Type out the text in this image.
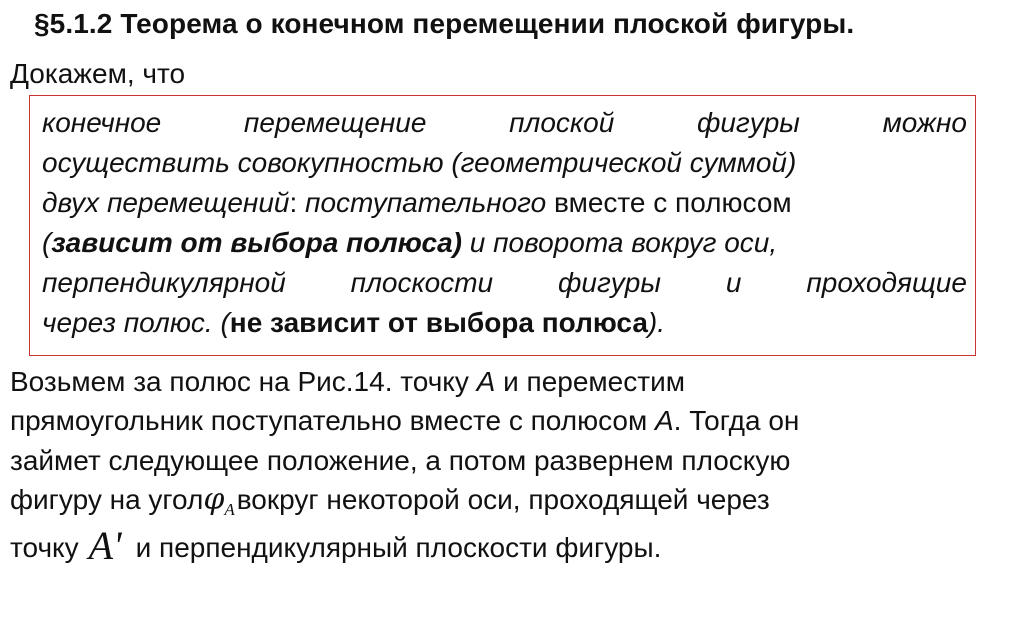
§5.1.2 Теорема о конечном перемещении плоской фигуры.
Докажем, что
конечное	перемещение	плоской	фигуры	можно
осуществить совокупностью (геометрической суммой)
двух перемещений: поступательного вместе с полюсом
(зависит от выбора полюса) и поворота вокруг оси,
перпендикулярной плоскости фигуры и проходящие
через полюс. (не зависит от выбора полюса).
Возьмем за полюс на Рис.14. точку A и переместим
прямоугольник поступательно вместе с полюсом A. Тогда он
займет следующее положение, а потом развернем плоскую
фигуру на уголφ$_A$вокруг некоторой оси, проходящей через
точку A' и перпендикулярный плоскости фигуры.
